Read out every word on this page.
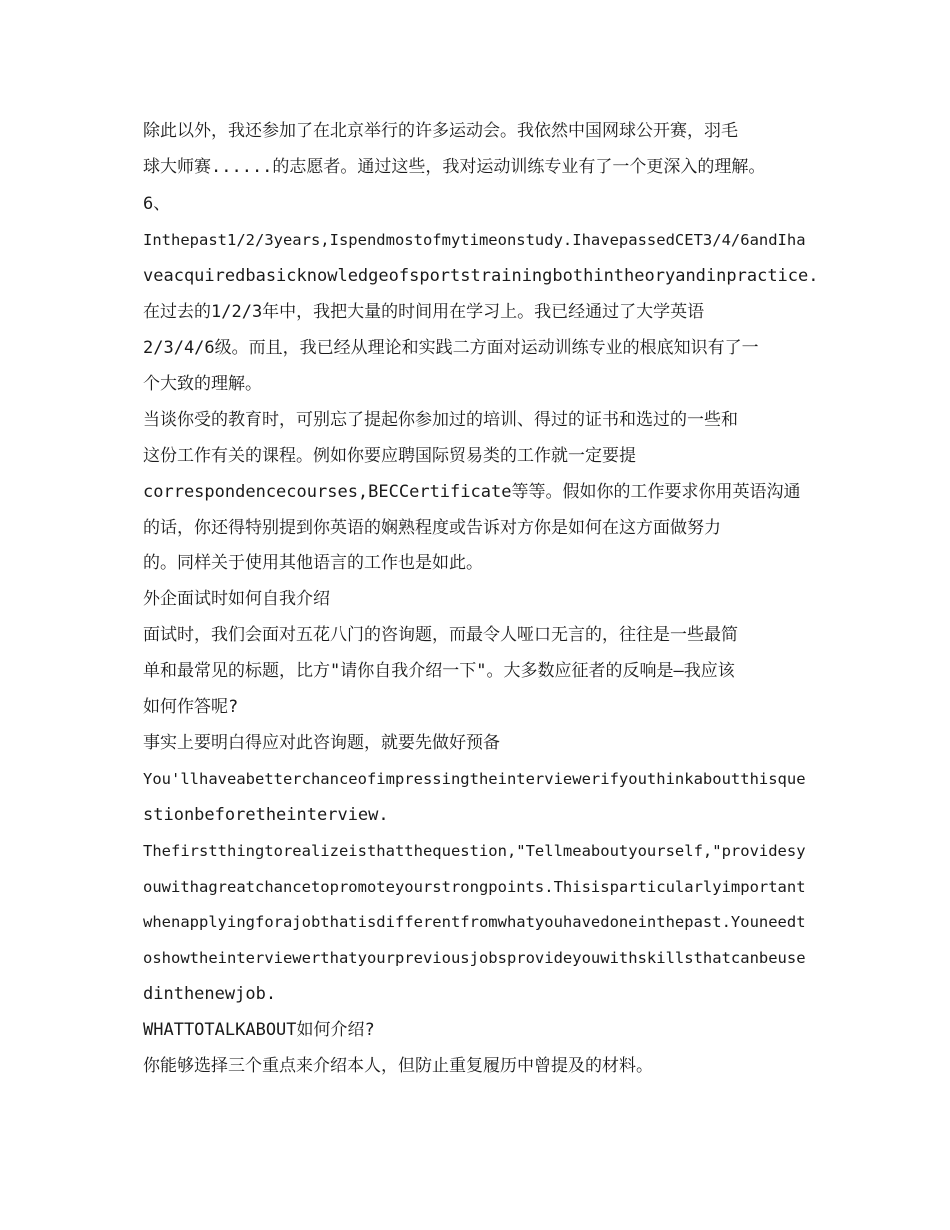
除此以外，我还参加了在北京举行的许多运动会。我依然中国网球公开赛，羽毛

球大师赛......的志愿者。通过这些，我对运动训练专业有了一个更深入的理解。

6、

Inthepast1/2/3years,Ispendmostofmytimeonstudy.IhavepassedCET3/4/6andIha

veacquiredbasicknowledgeofsportstrainingbothintheoryandinpractice.

在过去的1/2/3年中，我把大量的时间用在学习上。我已经通过了大学英语

2/3/4/6级。而且，我已经从理论和实践二方面对运动训练专业的根底知识有了一

个大致的理解。

当谈你受的教育时，可别忘了提起你参加过的培训、得过的证书和选过的一些和

这份工作有关的课程。例如你要应聘国际贸易类的工作就一定要提

correspondencecourses,BECCertificate等等。假如你的工作要求你用英语沟通

的话，你还得特别提到你英语的娴熟程度或告诉对方你是如何在这方面做努力

的。同样关于使用其他语言的工作也是如此。

外企面试时如何自我介绍

面试时，我们会面对五花八门的咨询题，而最令人哑口无言的，往往是一些最简

单和最常见的标题，比方"请你自我介绍一下"。大多数应征者的反响是—我应该

如何作答呢?

事实上要明白得应对此咨询题，就要先做好预备

You'llhaveabetterchanceofimpressingtheinterviewerifyouthinkaboutthisque

stionbeforetheinterview.

Thefirstthingtorealizeisthatthequestion,"Tellmeaboutyourself,"providesy

ouwithagreatchancetopromoteyourstrongpoints.Thisisparticularlyimportant

whenapplyingforajobthatisdifferentfromwhatyouhavedoneinthepast.Youneedt

oshowtheinterviewerthatyourpreviousjobsprovideyouwithskillsthatcanbeuse

dinthenewjob.

WHATTOTALKABOUT如何介绍?

你能够选择三个重点来介绍本人，但防止重复履历中曾提及的材料。
